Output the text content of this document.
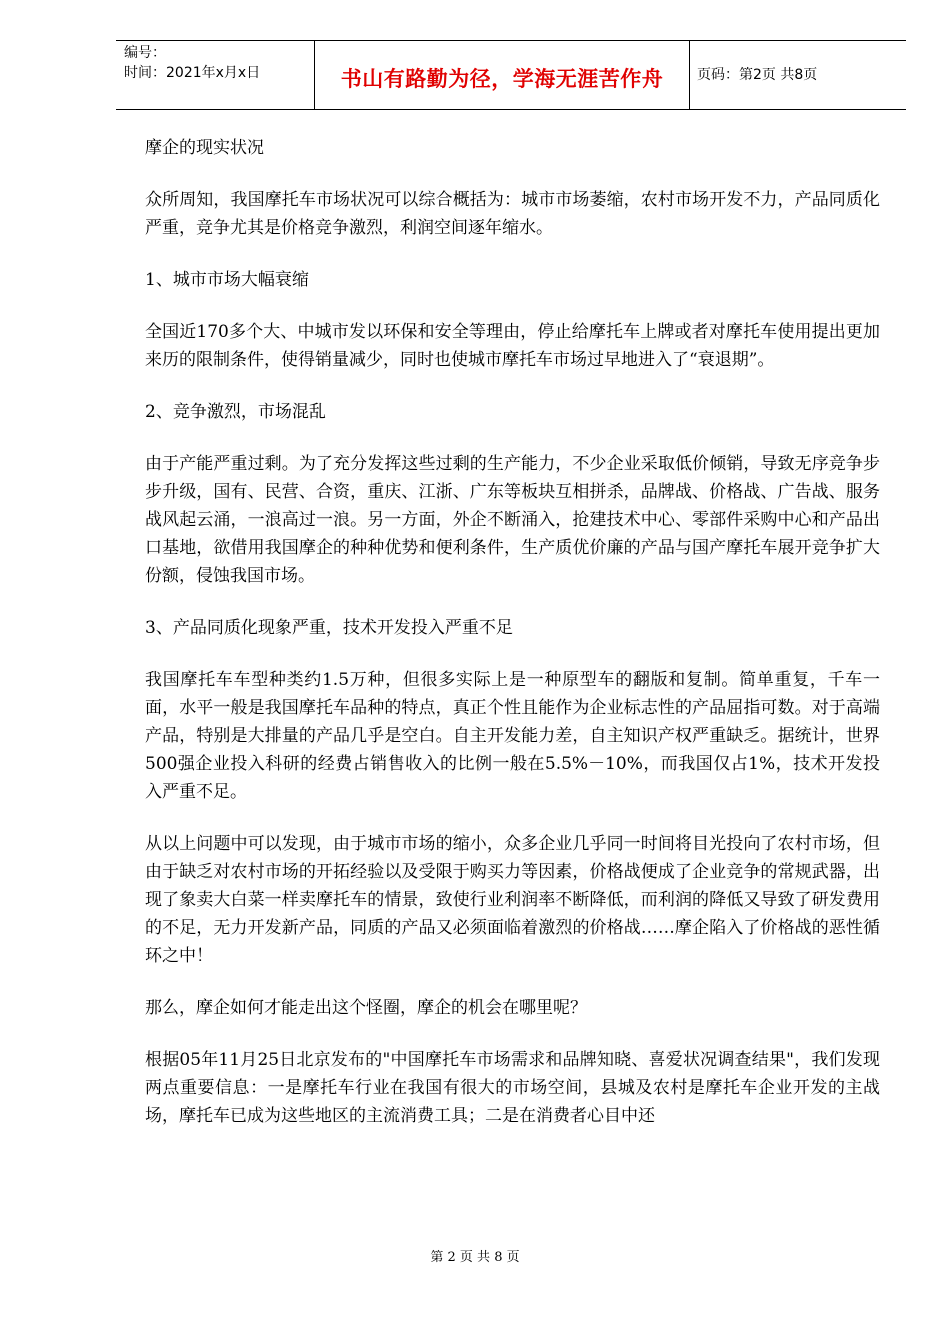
编号：
时间：2021年x月x日	书山有路勤为径，学海无涯苦作舟	页码：第2页 共8页

摩企的现实状况

众所周知，我国摩托车市场状况可以综合概括为：城市市场萎缩，农村市场开发不力，产品同质化严重，竞争尤其是价格竞争激烈，利润空间逐年缩水。

1、城市市场大幅衰缩

全国近170多个大、中城市发以环保和安全等理由，停止给摩托车上牌或者对摩托车使用提出更加来历的限制条件，使得销量减少，同时也使城市摩托车市场过早地进入了“衰退期”。

2、竞争激烈，市场混乱

由于产能严重过剩。为了充分发挥这些过剩的生产能力，不少企业采取低价倾销，导致无序竞争步步升级，国有、民营、合资，重庆、江浙、广东等板块互相拼杀，品牌战、价格战、广告战、服务战风起云涌，一浪高过一浪。另一方面，外企不断涌入，抢建技术中心、零部件采购中心和产品出口基地，欲借用我国摩企的种种优势和便利条件，生产质优价廉的产品与国产摩托车展开竞争扩大份额，侵蚀我国市场。

3、产品同质化现象严重，技术开发投入严重不足

我国摩托车车型种类约1.5万种，但很多实际上是一种原型车的翻版和复制。简单重复，千车一面，水平一般是我国摩托车品种的特点，真正个性且能作为企业标志性的产品屈指可数。对于高端产品，特别是大排量的产品几乎是空白。自主开发能力差，自主知识产权严重缺乏。据统计，世界500强企业投入科研的经费占销售收入的比例一般在5.5%－10%，而我国仅占1%，技术开发投入严重不足。

从以上问题中可以发现，由于城市市场的缩小，众多企业几乎同一时间将目光投向了农村市场，但由于缺乏对农村市场的开拓经验以及受限于购买力等因素，价格战便成了企业竞争的常规武器，出现了象卖大白菜一样卖摩托车的情景，致使行业利润率不断降低，而利润的降低又导致了研发费用的不足，无力开发新产品，同质的产品又必须面临着激烈的价格战……摩企陷入了价格战的恶性循环之中！

那么，摩企如何才能走出这个怪圈，摩企的机会在哪里呢？

根据05年11月25日北京发布的"中国摩托车市场需求和品牌知晓、喜爱状况调查结果"，我们发现两点重要信息：一是摩托车行业在我国有很大的市场空间，县城及农村是摩托车企业开发的主战场，摩托车已成为这些地区的主流消费工具；二是在消费者心目中还

第 2 页 共 8 页
